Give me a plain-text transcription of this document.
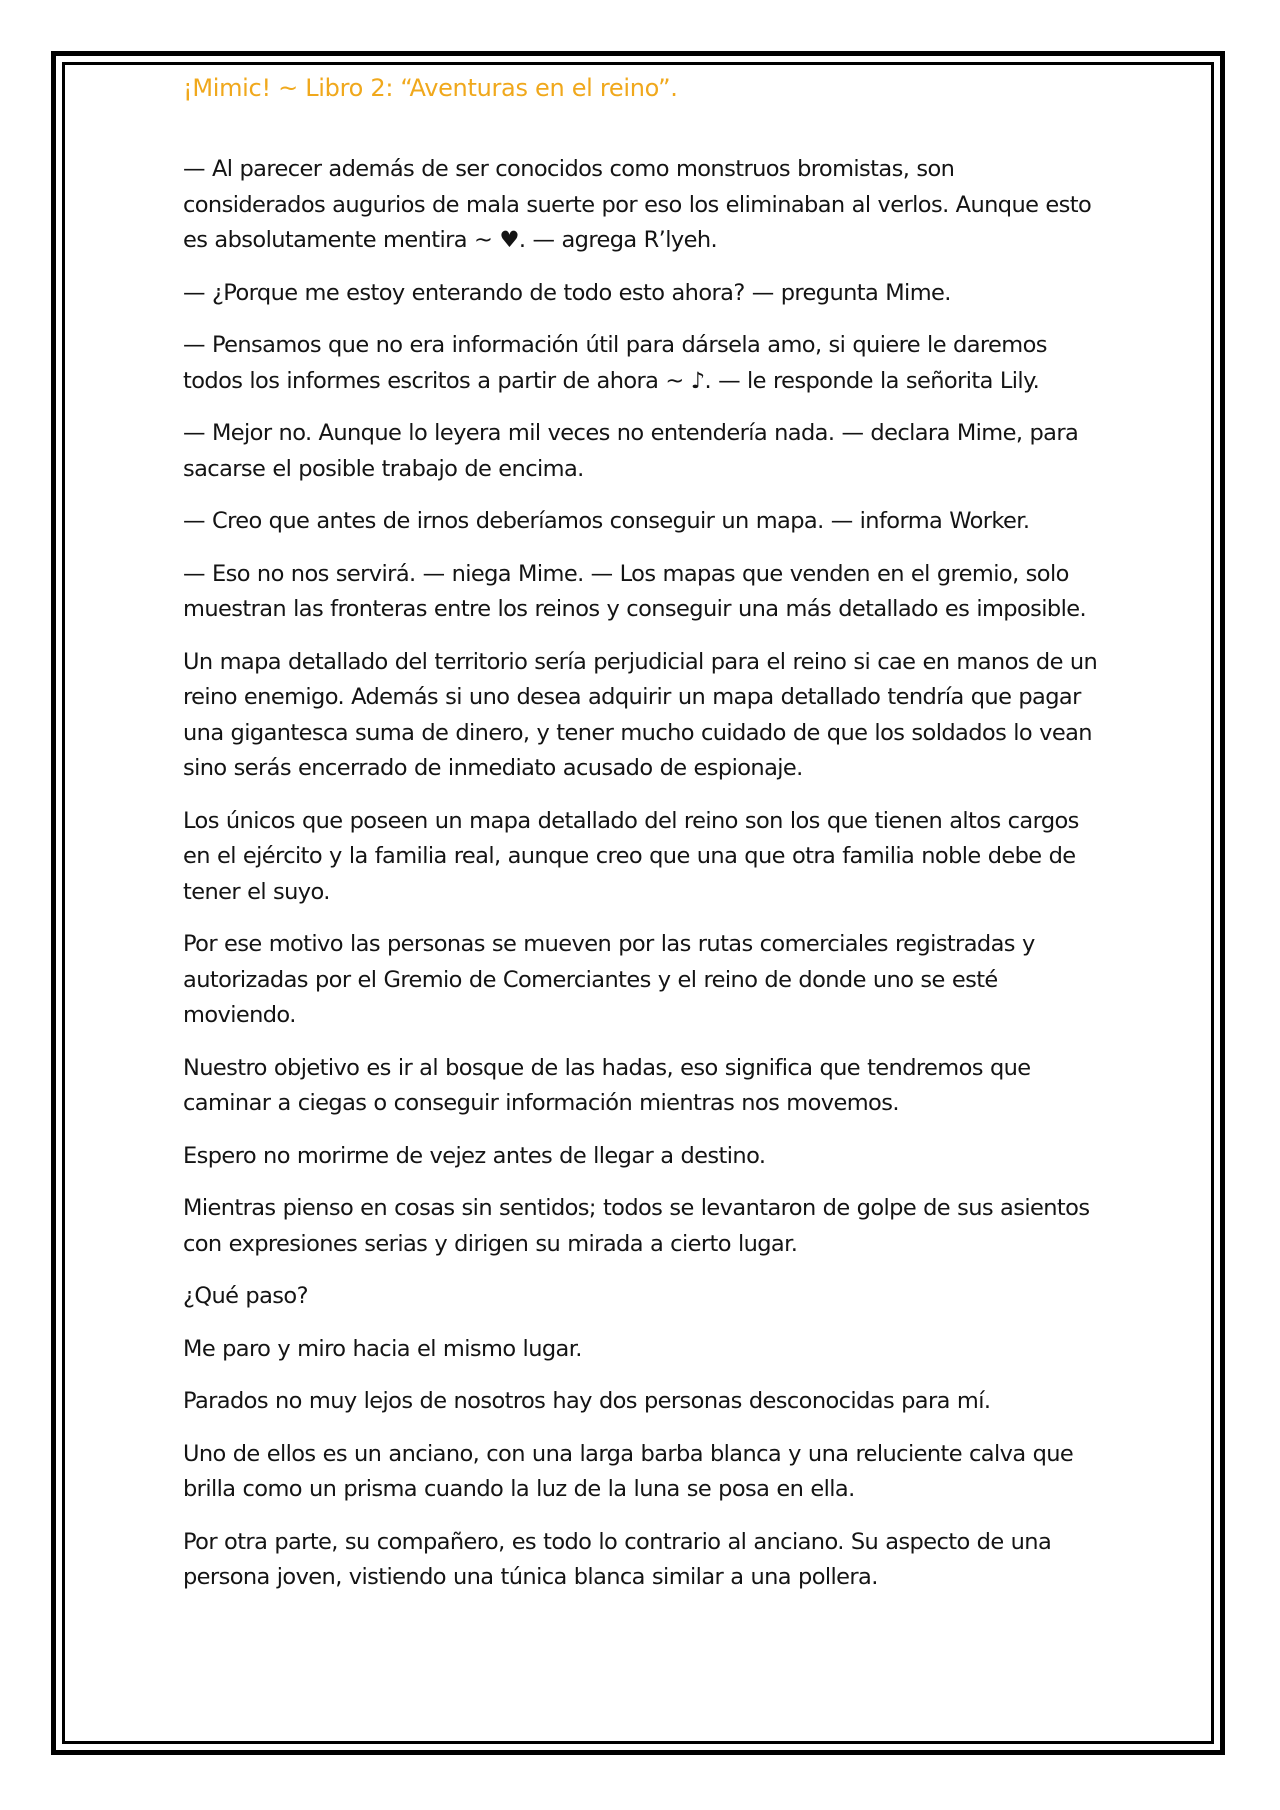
¡Mimic! ~ Libro 2: “Aventuras en el reino”.

— Al parecer además de ser conocidos como monstruos bromistas, son considerados augurios de mala suerte por eso los eliminaban al verlos. Aunque esto es absolutamente mentira ~ ♥. — agrega R’lyeh.

— ¿Porque me estoy enterando de todo esto ahora? — pregunta Mime.

— Pensamos que no era información útil para dársela amo, si quiere le daremos todos los informes escritos a partir de ahora ~ ♪. — le responde la señorita Lily.

— Mejor no. Aunque lo leyera mil veces no entendería nada. — declara Mime, para sacarse el posible trabajo de encima.

— Creo que antes de irnos deberíamos conseguir un mapa. — informa Worker.

— Eso no nos servirá. — niega Mime. — Los mapas que venden en el gremio, solo muestran las fronteras entre los reinos y conseguir una más detallado es imposible.

Un mapa detallado del territorio sería perjudicial para el reino si cae en manos de un reino enemigo. Además si uno desea adquirir un mapa detallado tendría que pagar una gigantesca suma de dinero, y tener mucho cuidado de que los soldados lo vean sino serás encerrado de inmediato acusado de espionaje.

Los únicos que poseen un mapa detallado del reino son los que tienen altos cargos en el ejército y la familia real, aunque creo que una que otra familia noble debe de tener el suyo.

Por ese motivo las personas se mueven por las rutas comerciales registradas y autorizadas por el Gremio de Comerciantes y el reino de donde uno se esté moviendo.

Nuestro objetivo es ir al bosque de las hadas, eso significa que tendremos que caminar a ciegas o conseguir información mientras nos movemos.

Espero no morirme de vejez antes de llegar a destino.

Mientras pienso en cosas sin sentidos; todos se levantaron de golpe de sus asientos con expresiones serias y dirigen su mirada a cierto lugar.

¿Qué paso?

Me paro y miro hacia el mismo lugar.

Parados no muy lejos de nosotros hay dos personas desconocidas para mí.

Uno de ellos es un anciano, con una larga barba blanca y una reluciente calva que brilla como un prisma cuando la luz de la luna se posa en ella.

Por otra parte, su compañero, es todo lo contrario al anciano. Su aspecto de una persona joven, vistiendo una túnica blanca similar a una pollera.
